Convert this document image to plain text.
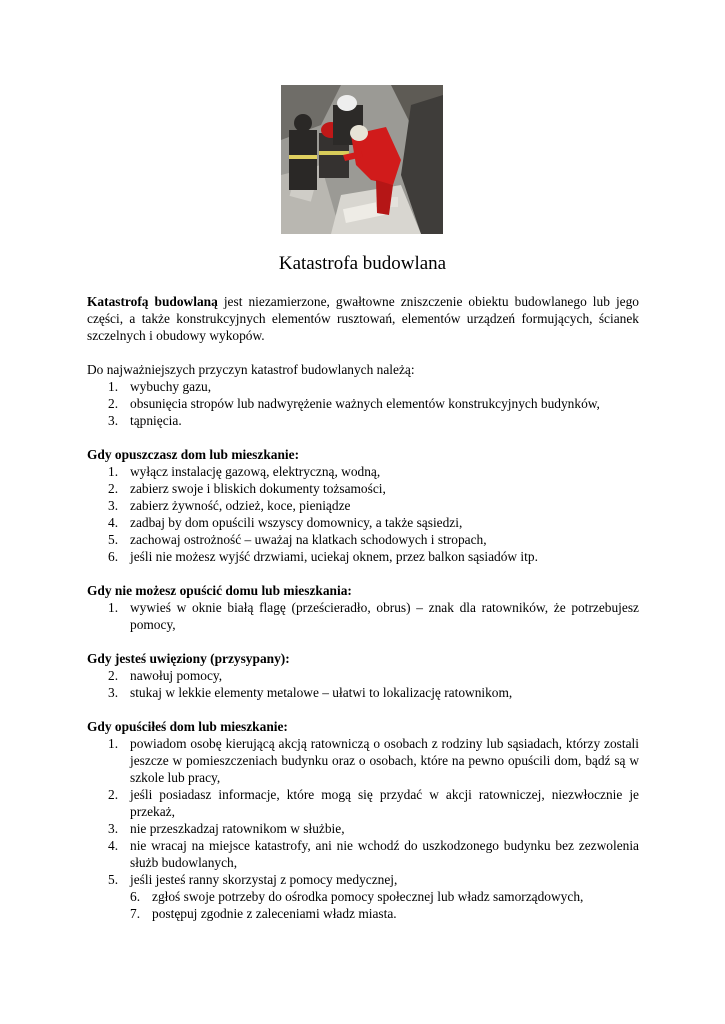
Katastrofa budowlana

Katastrofą budowlaną jest niezamierzone, gwałtowne zniszczenie obiektu budowlanego lub jego części, a także konstrukcyjnych elementów rusztowań, elementów urządzeń formujących, ścianek szczelnych i obudowy wykopów.

Do najważniejszych przyczyn katastrof budowlanych należą:

1. wybuchy gazu,
2. obsunięcia stropów lub nadwyrężenie ważnych elementów konstrukcyjnych budynków,
3. tąpnięcia.

Gdy opuszczasz dom lub mieszkanie:

1. wyłącz instalację gazową, elektryczną, wodną,
2. zabierz swoje i bliskich dokumenty tożsamości,
3. zabierz żywność, odzież, koce, pieniądze
4. zadbaj by dom opuścili wszyscy domownicy, a także sąsiedzi,
5. zachowaj ostrożność – uważaj na klatkach schodowych i stropach,
6. jeśli nie możesz wyjść drzwiami, uciekaj oknem, przez balkon sąsiadów itp.

Gdy nie możesz opuścić domu lub mieszkania:

1. wywieś w oknie białą flagę (prześcieradło, obrus) – znak dla ratowników, że potrzebujesz pomocy,

Gdy jesteś uwięziony (przysypany):

2. nawołuj pomocy,
3. stukaj w lekkie elementy metalowe – ułatwi to lokalizację ratownikom,

Gdy opuściłeś dom lub mieszkanie:

1. powiadom osobę kierującą akcją ratowniczą o osobach z rodziny lub sąsiadach, którzy zostali jeszcze w pomieszczeniach budynku oraz o osobach, które na pewno opuścili dom, bądź są w szkole lub pracy,
2. jeśli posiadasz informacje, które mogą się przydać w akcji ratowniczej, niezwłocznie je przekaż,
3. nie przeszkadzaj ratownikom w służbie,
4. nie wracaj na miejsce katastrofy, ani nie wchodź do uszkodzonego budynku bez zezwolenia służb budowlanych,
5. jeśli jesteś ranny skorzystaj z pomocy medycznej,
6. zgłoś swoje potrzeby do ośrodka pomocy społecznej lub władz samorządowych,
7. postępuj zgodnie z zaleceniami władz miasta.
